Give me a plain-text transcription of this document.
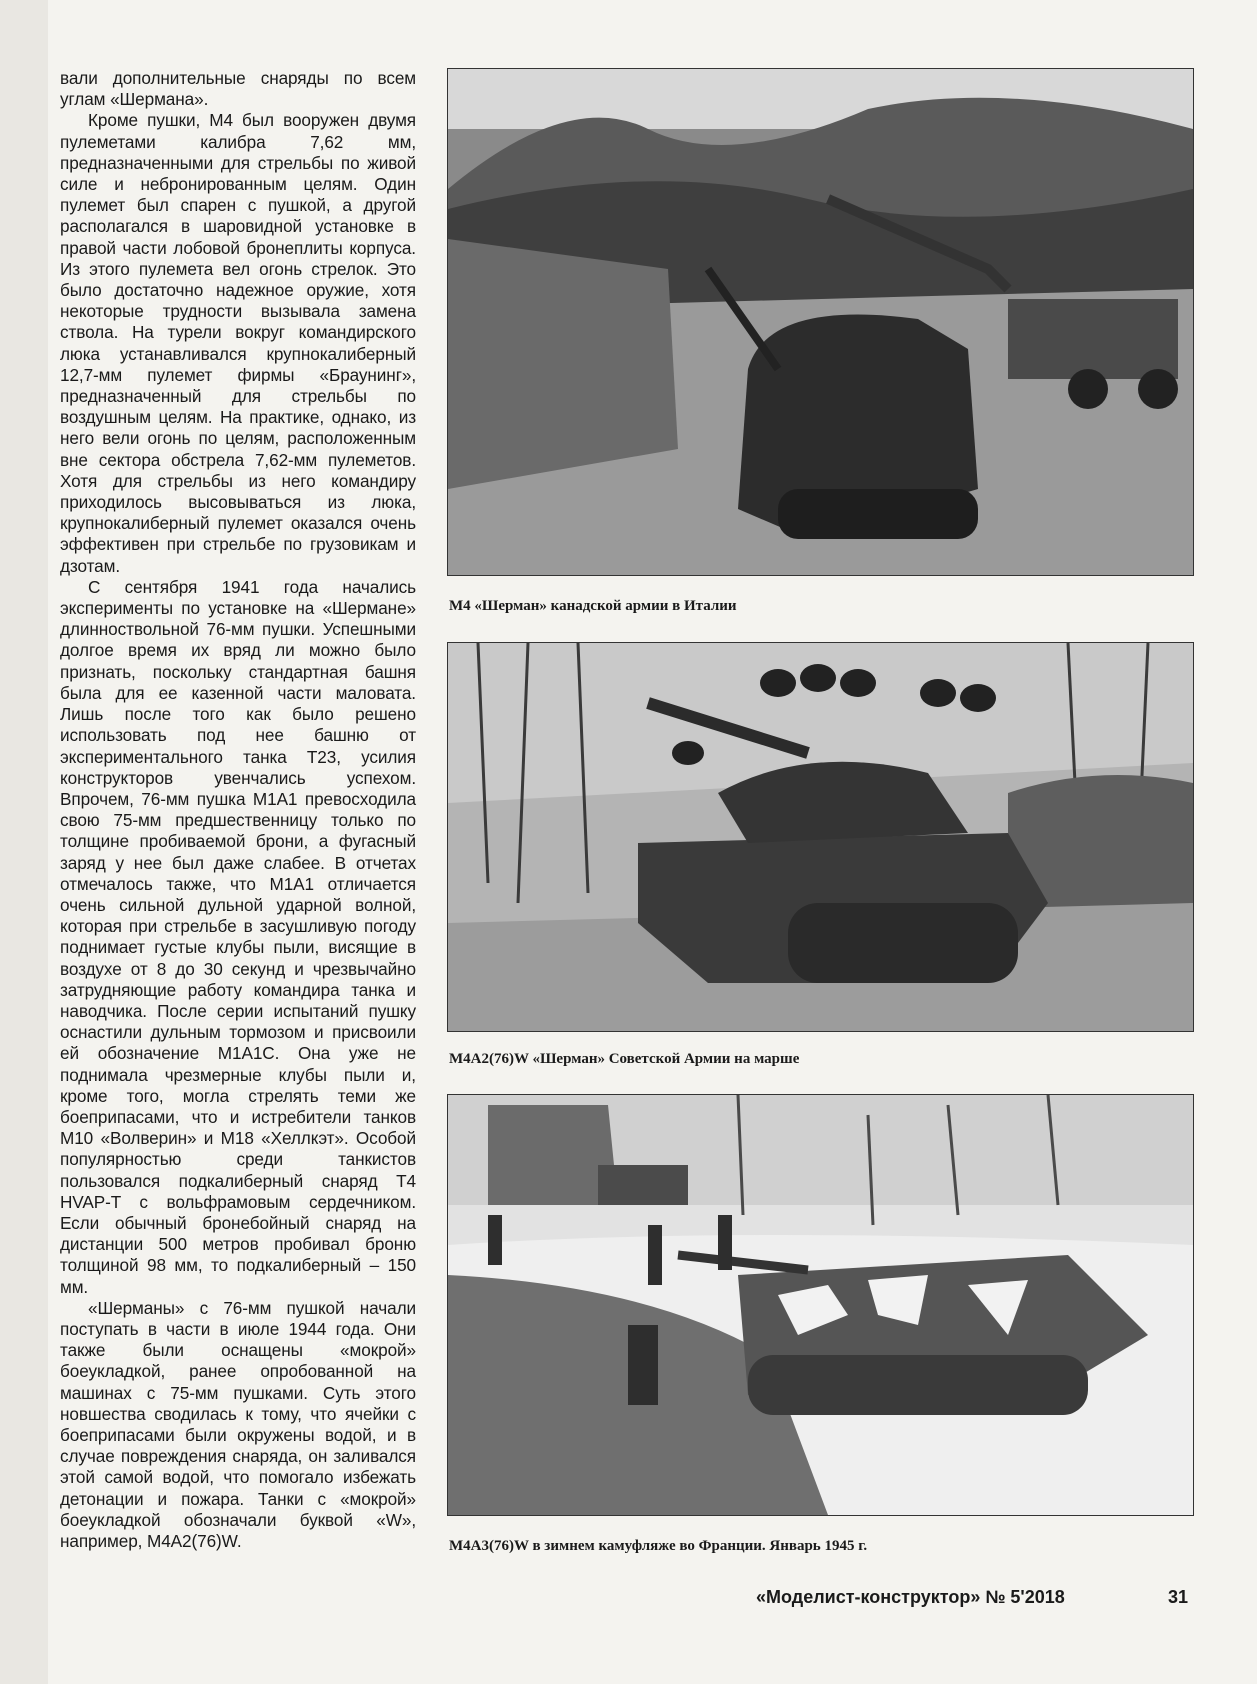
вали дополнительные снаряды по всем углам «Шермана».

Кроме пушки, М4 был вооружен двумя пулеметами калибра 7,62 мм, предназначенными для стрельбы по живой силе и небронированным целям. Один пулемет был спарен с пушкой, а другой располагался в шаровидной установке в правой части лобовой бронеплиты корпуса. Из этого пулемета вел огонь стрелок. Это было достаточно надежное оружие, хотя некоторые трудности вызывала замена ствола. На турели вокруг командирского люка устанавливался крупнокалиберный 12,7-мм пулемет фирмы «Браунинг», предназначенный для стрельбы по воздушным целям. На практике, однако, из него вели огонь по целям, расположенным вне сектора обстрела 7,62-мм пулеметов. Хотя для стрельбы из него командиру приходилось высовываться из люка, крупнокалиберный пулемет оказался очень эффективен при стрельбе по грузовикам и дзотам.

С сентября 1941 года начались эксперименты по установке на «Шермане» длинноствольной 76-мм пушки. Успешными долгое время их вряд ли можно было признать, поскольку стандартная башня была для ее казенной части маловата. Лишь после того как было решено использовать под нее башню от экспериментального танка Т23, усилия конструкторов увенчались успехом. Впрочем, 76-мм пушка М1А1 превосходила свою 75-мм предшественницу только по толщине пробиваемой брони, а фугасный заряд у нее был даже слабее. В отчетах отмечалось также, что М1А1 отличается очень сильной дульной ударной волной, которая при стрельбе в засушливую погоду поднимает густые клубы пыли, висящие в воздухе от 8 до 30 секунд и чрезвычайно затрудняющие работу командира танка и наводчика. После серии испытаний пушку оснастили дульным тормозом и присвоили ей обозначение М1А1С. Она уже не поднимала чрезмерные клубы пыли и, кроме того, могла стрелять теми же боеприпасами, что и истребители танков М10 «Волверин» и М18 «Хеллкэт». Особой популярностью среди танкистов пользовался подкалиберный снаряд Т4 HVAP-T с вольфрамовым сердечником. Если обычный бронебойный снаряд на дистанции 500 метров пробивал броню толщиной 98 мм, то подкалиберный – 150 мм.

«Шерманы» с 76-мм пушкой начали поступать в части в июле 1944 года. Они также были оснащены «мокрой» боеукладкой, ранее опробованной на машинах с 75-мм пушками. Суть этого новшества сводилась к тому, что ячейки с боеприпасами были окружены водой, и в случае повреждения снаряда, он заливался этой самой водой, что помогало избежать детонации и пожара. Танки с «мокрой» боеукладкой обозначали буквой «W», например, М4А2(76)W.

М4 «Шерман» канадской армии в Италии
М4А2(76)W «Шерман» Советской Армии на марше
М4А3(76)W в зимнем камуфляже во Франции. Январь 1945 г.
«Моделист-конструктор» № 5'2018	31
